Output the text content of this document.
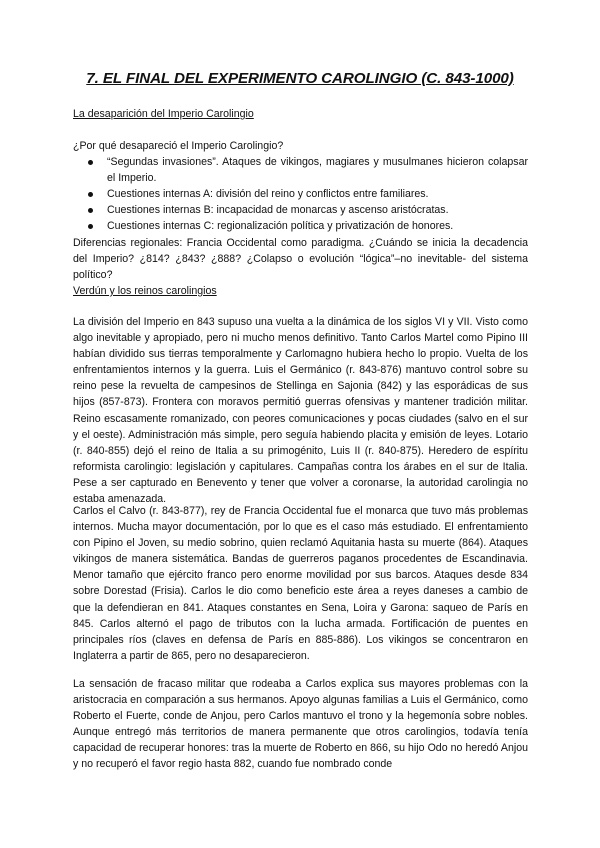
7. EL FINAL DEL EXPERIMENTO CAROLINGIO (C. 843-1000)
La desaparición del Imperio Carolingio

¿Por qué desapareció el Imperio Carolingio?

“Segundas invasiones”. Ataques de vikingos, magiares y musulmanes hicieron colapsar el Imperio.
Cuestiones internas A: división del reino y conflictos entre familiares.
Cuestiones internas B: incapacidad de monarcas y ascenso aristócratas.
Cuestiones internas C: regionalización política y privatización de honores.

Diferencias regionales: Francia Occidental como paradigma. ¿Cuándo se inicia la decadencia del Imperio? ¿814? ¿843? ¿888? ¿Colapso o evolución “lógica”–no inevitable- del sistema político?

Verdún y los reinos carolingios

La división del Imperio en 843 supuso una vuelta a la dinámica de los siglos VI y VII. Visto como algo inevitable y apropiado, pero ni mucho menos definitivo. Tanto Carlos Martel como Pipino III habían dividido sus tierras temporalmente y Carlomagno hubiera hecho lo propio. Vuelta de los enfrentamientos internos y la guerra. Luis el Germánico (r. 843-876) mantuvo control sobre su reino pese la revuelta de campesinos de Stellinga en Sajonia (842) y las esporádicas de sus hijos (857-873). Frontera con moravos permitió guerras ofensivas y mantener tradición militar. Reino escasamente romanizado, con peores comunicaciones y pocas ciudades (salvo en el sur y el oeste). Administración más simple, pero seguía habiendo placita y emisión de leyes. Lotario (r. 840-855) dejó el reino de Italia a su primogénito, Luis II (r. 840-875). Heredero de espíritu reformista carolingio: legislación y capitulares. Campañas contra los árabes en el sur de Italia. Pese a ser capturado en Benevento y tener que volver a coronarse, la autoridad carolingia no estaba amenazada.

Carlos el Calvo (r. 843-877), rey de Francia Occidental fue el monarca que tuvo más problemas internos. Mucha mayor documentación, por lo que es el caso más estudiado. El enfrentamiento con Pipino el Joven, su medio sobrino, quien reclamó Aquitania hasta su muerte (864). Ataques vikingos de manera sistemática. Bandas de guerreros paganos procedentes de Escandinavia. Menor tamaño que ejército franco pero enorme movilidad por sus barcos. Ataques desde 834 sobre Dorestad (Frisia). Carlos le dio como beneficio este área a reyes daneses a cambio de que la defendieran en 841. Ataques constantes en Sena, Loira y Garona: saqueo de París en 845. Carlos alternó el pago de tributos con la lucha armada. Fortificación de puentes en principales ríos (claves en defensa de París en 885-886). Los vikingos se concentraron en Inglaterra a partir de 865, pero no desaparecieron.

La sensación de fracaso militar que rodeaba a Carlos explica sus mayores problemas con la aristocracia en comparación a sus hermanos. Apoyo algunas familias a Luis el Germánico, como Roberto el Fuerte, conde de Anjou, pero Carlos mantuvo el trono y la hegemonía sobre nobles. Aunque entregó más territorios de manera permanente que otros carolingios, todavía tenía capacidad de recuperar honores: tras la muerte de Roberto en 866, su hijo Odo no heredó Anjou y no recuperó el favor regio hasta 882, cuando fue nombrado conde
